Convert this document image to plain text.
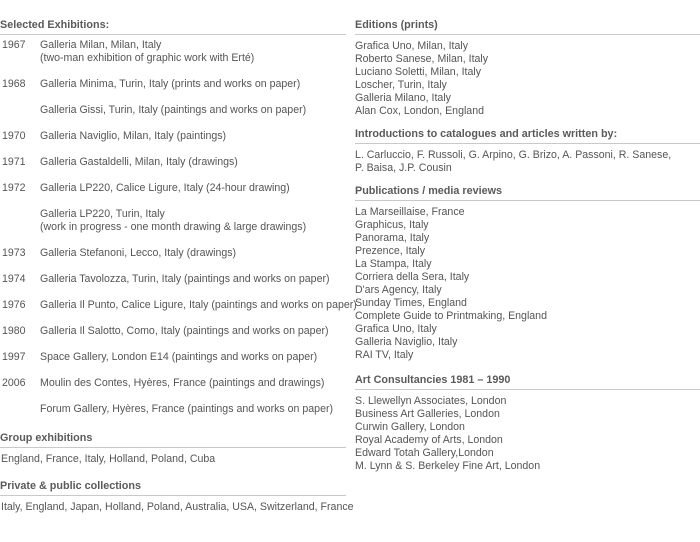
Selected Exhibitions:
1967	Galleria Milan, Milan, Italy
(two-man exhibition of graphic work with Erté)
1968	Galleria Minima, Turin, Italy (prints and works on paper)
Galleria Gissi, Turin, Italy (paintings and works on paper)
1970	Galleria Naviglio, Milan, Italy (paintings)
1971	Galleria Gastaldelli, Milan, Italy (drawings)
1972	Galleria LP220, Calice Ligure, Italy (24-hour drawing)
Galleria LP220, Turin, Italy
(work in progress - one month drawing & large drawings)
1973	Galleria Stefanoni, Lecco, Italy (drawings)
1974	Galleria Tavolozza, Turin, Italy (paintings and works on paper)
1976	Galleria Il Punto, Calice Ligure, Italy (paintings and works on paper)
1980	Galleria Il Salotto, Como, Italy (paintings and works on paper)
1997	Space Gallery, London E14 (paintings and works on paper)
2006	Moulin des Contes, Hyères, France (paintings and drawings)
Forum Gallery, Hyères, France (paintings and works on paper)
Group exhibitions
England, France, Italy, Holland, Poland, Cuba
Private & public collections
Italy, England, Japan, Holland, Poland, Australia, USA, Switzerland, France
Editions (prints)
Grafica Uno, Milan, Italy
Roberto Sanese, Milan, Italy
Luciano Soletti, Milan, Italy
Loscher, Turin, Italy
Galleria Milano, Italy
Alan Cox, London, England
Introductions to catalogues and articles written by:
L. Carluccio, F. Russoli, G. Arpino, G. Brizo, A. Passoni, R. Sanese,
P. Baisa, J.P. Cousin
Publications / media reviews
La Marseillaise, France
Graphicus, Italy
Panorama, Italy
Prezence, Italy
La Stampa, Italy
Corriera della Sera, Italy
D'ars Agency, Italy
Sunday Times, England
Complete Guide to Printmaking, England
Grafica Uno, Italy
Galleria Naviglio, Italy
RAI TV, Italy
Art Consultancies 1981 – 1990
S. Llewellyn Associates, London
Business Art Galleries, London
Curwin Gallery, London
Royal Academy of Arts, London
Edward Totah Gallery,London
M. Lynn & S. Berkeley Fine Art, London
